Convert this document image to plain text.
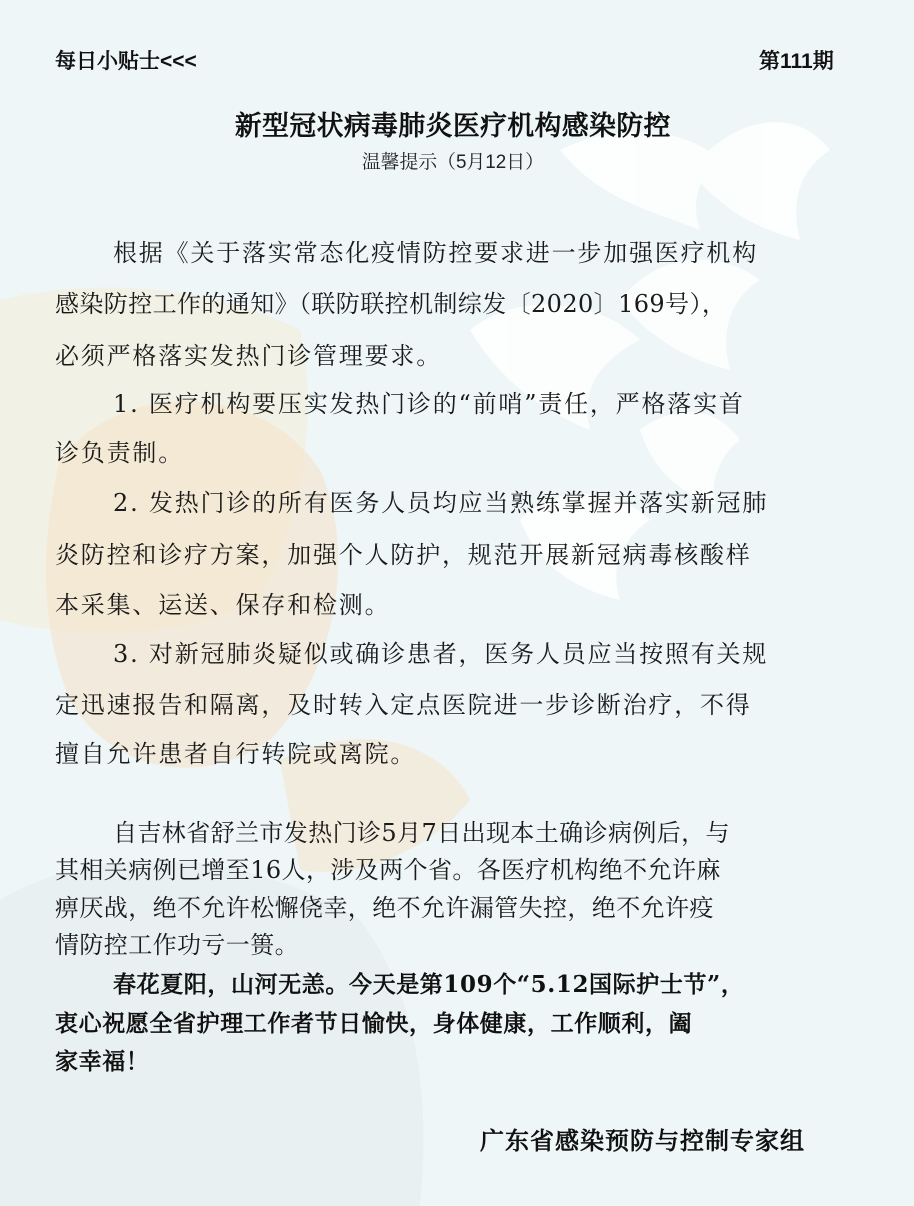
每日小贴士<<<	第111期
新型冠状病毒肺炎医疗机构感染防控
温馨提示（5月12日）
根据《关于落实常态化疫情防控要求进一步加强医疗机构
感染防控工作的通知》（联防联控机制综发〔2020〕169号），
必须严格落实发热门诊管理要求。
1. 医疗机构要压实发热门诊的“前哨”责任，严格落实首
诊负责制。
2. 发热门诊的所有医务人员均应当熟练掌握并落实新冠肺
炎防控和诊疗方案，加强个人防护，规范开展新冠病毒核酸样
本采集、运送、保存和检测。
3. 对新冠肺炎疑似或确诊患者，医务人员应当按照有关规
定迅速报告和隔离，及时转入定点医院进一步诊断治疗，不得
擅自允许患者自行转院或离院。
自吉林省舒兰市发热门诊5月7日出现本土确诊病例后，与
其相关病例已增至16人，涉及两个省。各医疗机构绝不允许麻
痹厌战，绝不允许松懈侥幸，绝不允许漏管失控，绝不允许疫
情防控工作功亏一篑。
春花夏阳，山河无恙。今天是第109个“5.12国际护士节”，
衷心祝愿全省护理工作者节日愉快，身体健康，工作顺利，阖
家幸福！
广东省感染预防与控制专家组
